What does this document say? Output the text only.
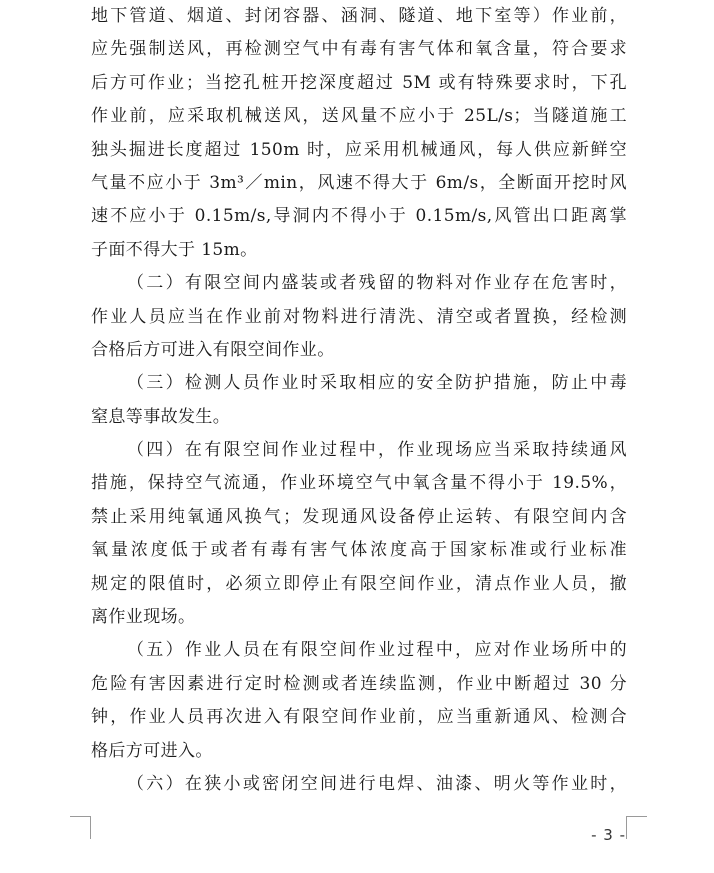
地下管道、烟道、封闭容器、涵洞、隧道、地下室等）作业前，
应先强制送风，再检测空气中有毒有害气体和氧含量，符合要求
后方可作业；当挖孔桩开挖深度超过 5M 或有特殊要求时，下孔
作业前，应采取机械送风，送风量不应小于 25L/s；当隧道施工
独头掘进长度超过 150m 时，应采用机械通风，每人供应新鲜空
气量不应小于 3m³／min，风速不得大于 6m/s，全断面开挖时风
速不应小于 0.15m/s,导洞内不得小于 0.15m/s,风管出口距离掌
子面不得大于 15m。
（二）有限空间内盛装或者残留的物料对作业存在危害时，
作业人员应当在作业前对物料进行清洗、清空或者置换，经检测
合格后方可进入有限空间作业。
（三）检测人员作业时采取相应的安全防护措施，防止中毒
窒息等事故发生。
（四）在有限空间作业过程中，作业现场应当采取持续通风
措施，保持空气流通，作业环境空气中氧含量不得小于 19.5%，
禁止采用纯氧通风换气；发现通风设备停止运转、有限空间内含
氧量浓度低于或者有毒有害气体浓度高于国家标准或行业标准
规定的限值时，必须立即停止有限空间作业，清点作业人员，撤
离作业现场。
（五）作业人员在有限空间作业过程中，应对作业场所中的
危险有害因素进行定时检测或者连续监测，作业中断超过 30 分
钟，作业人员再次进入有限空间作业前，应当重新通风、检测合
格后方可进入。
（六）在狭小或密闭空间进行电焊、油漆、明火等作业时，
- 3 -
